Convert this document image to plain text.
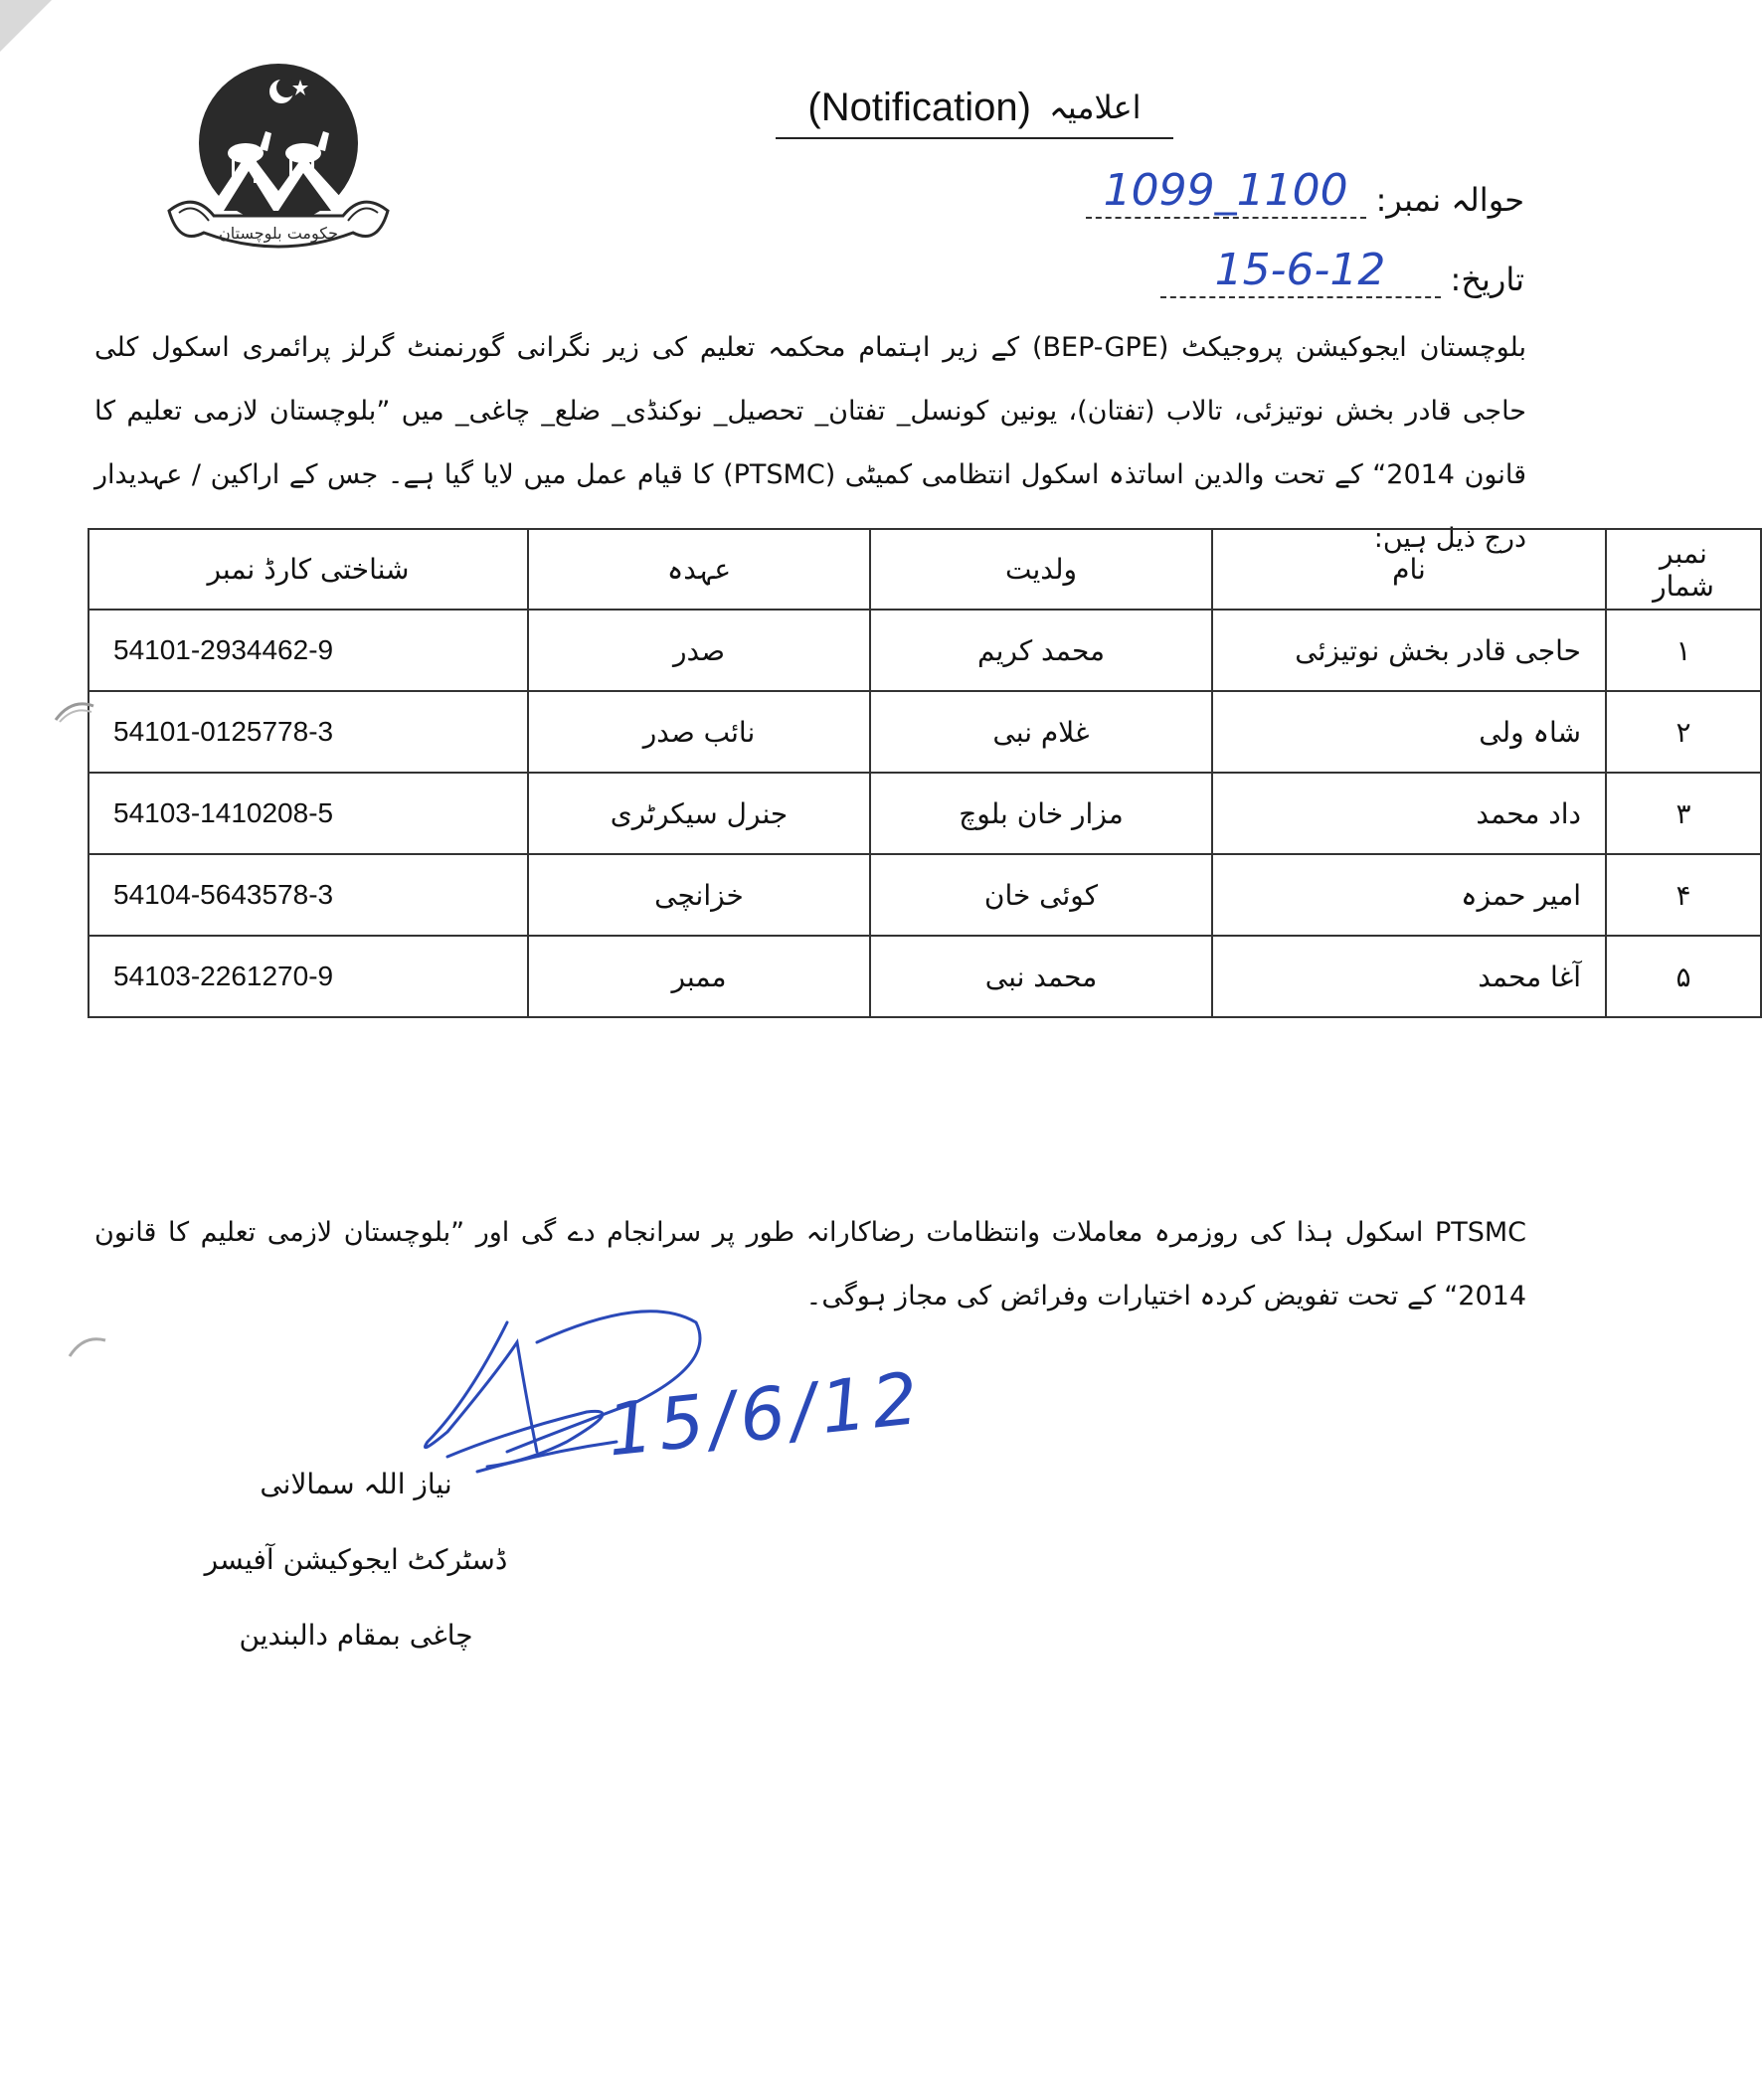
حکومت بلوچستان
(Notification) اعلامیہ
حوالہ نمبر:
1099_1100
تاریخ:
15-6-12

بلوچستان ایجوکیشن پروجیکٹ (BEP-GPE) کے زیر اہتمام محکمہ تعلیم کی زیر نگرانی گورنمنٹ گرلز پرائمری اسکول کلی حاجی قادر بخش نوتیزئی، تالاب (تفتان)، یونین کونسل_ تفتان_ تحصیل_ نوکنڈی_ ضلع_ چاغی_ میں ”بلوچستان لازمی تعلیم کا قانون 2014“ کے تحت والدین اساتذہ اسکول انتظامی کمیٹی (PTSMC) کا قیام عمل میں لایا گیا ہے۔ جس کے اراکین / عہدیدار درج ذیل ہیں:	نمبر شمار	نام	ولدیت	عہدہ	شناختی کارڈ نمبر
۱	حاجی قادر بخش نوتیزئی	محمد کریم	صدر	54101-2934462-9
۲	شاہ ولی	غلام نبی	نائب صدر	54101-0125778-3
۳	داد محمد	مزار خان بلوچ	جنرل سیکرٹری	54103-1410208-5
۴	امیر حمزہ	کوئی خان	خزانچی	54104-5643578-3
۵	آغا محمد	محمد نبی	ممبر	54103-2261270-9

PTSMC اسکول ہذا کی روزمرہ معاملات وانتظامات رضاکارانہ طور پر سرانجام دے گی اور ”بلوچستان لازمی تعلیم کا قانون 2014“ کے تحت تفویض کردہ اختیارات وفرائض کی مجاز ہوگی۔

15/6/12
نیاز اللہ سمالانی
ڈسٹرکٹ ایجوکیشن آفیسر
چاغی بمقام دالبندین
